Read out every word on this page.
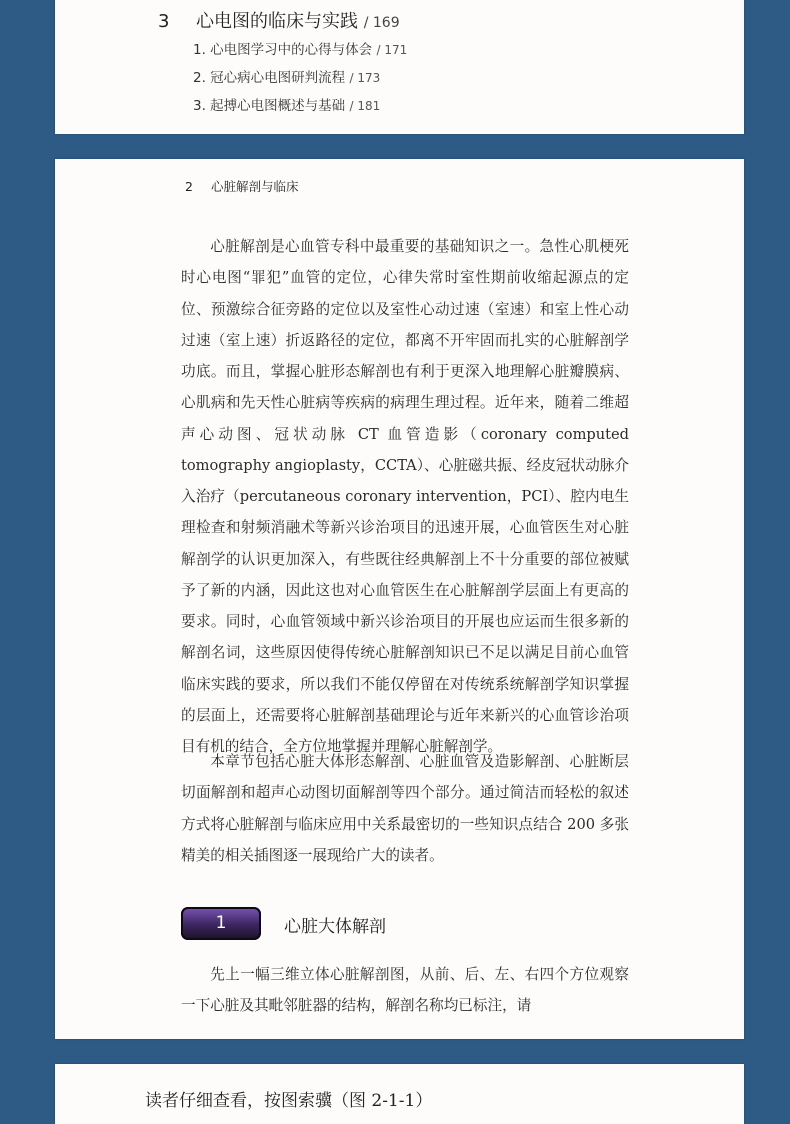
3 心电图的临床与实践 / 169
1. 心电图学习中的心得与体会 / 171
2. 冠心病心电图研判流程 / 173
3. 起搏心电图概述与基础 / 181
2 心脏解剖与临床

心脏解剖是心血管专科中最重要的基础知识之一。急性心肌梗死时心电图“罪犯”血管的定位，心律失常时室性期前收缩起源点的定位、预激综合征旁路的定位以及室性心动过速（室速）和室上性心动过速（室上速）折返路径的定位，都离不开牢固而扎实的心脏解剖学功底。而且，掌握心脏形态解剖也有利于更深入地理解心脏瓣膜病、心肌病和先天性心脏病等疾病的病理生理过程。近年来，随着二维超声心动图、冠状动脉 CT 血管造影（coronary computed tomography angioplasty，CCTA）、心脏磁共振、经皮冠状动脉介入治疗（percutaneous coronary intervention，PCI）、腔内电生理检查和射频消融术等新兴诊治项目的迅速开展，心血管医生对心脏解剖学的认识更加深入，有些既往经典解剖上不十分重要的部位被赋予了新的内涵，因此这也对心血管医生在心脏解剖学层面上有更高的要求。同时，心血管领域中新兴诊治项目的开展也应运而生很多新的解剖名词，这些原因使得传统心脏解剖知识已不足以满足目前心血管临床实践的要求，所以我们不能仅停留在对传统系统解剖学知识掌握的层面上，还需要将心脏解剖基础理论与近年来新兴的心血管诊治项目有机的结合，全方位地掌握并理解心脏解剖学。

本章节包括心脏大体形态解剖、心脏血管及造影解剖、心脏断层切面解剖和超声心动图切面解剖等四个部分。通过简洁而轻松的叙述方式将心脏解剖与临床应用中关系最密切的一些知识点结合 200 多张精美的相关插图逐一展现给广大的读者。

1	心脏大体解剖

先上一幅三维立体心脏解剖图，从前、后、左、右四个方位观察一下心脏及其毗邻脏器的结构，解剖名称均已标注，请

读者仔细查看，按图索骥（图 2-1-1）
